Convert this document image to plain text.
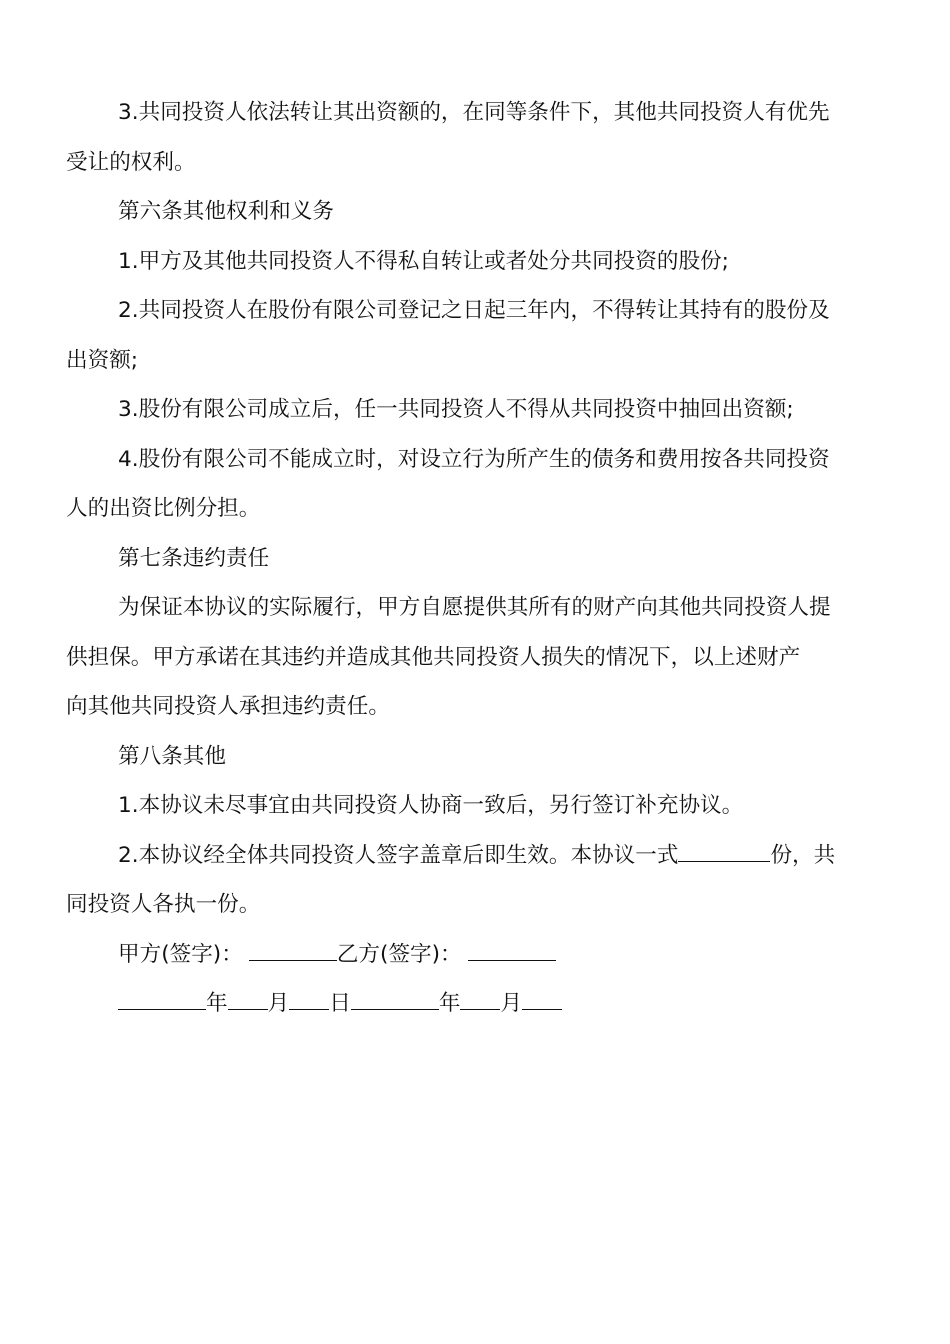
3.共同投资人依法转让其出资额的，在同等条件下，其他共同投资人有优先
受让的权利。

第六条其他权利和义务

1.甲方及其他共同投资人不得私自转让或者处分共同投资的股份;

2.共同投资人在股份有限公司登记之日起三年内，不得转让其持有的股份及
出资额;

3.股份有限公司成立后，任一共同投资人不得从共同投资中抽回出资额;

4.股份有限公司不能成立时，对设立行为所产生的债务和费用按各共同投资
人的出资比例分担。

第七条违约责任

为保证本协议的实际履行，甲方自愿提供其所有的财产向其他共同投资人提
供担保。甲方承诺在其违约并造成其他共同投资人损失的情况下，以上述财产
向其他共同投资人承担违约责任。

第八条其他

1.本协议未尽事宜由共同投资人协商一致后，另行签订补充协议。

2.本协议经全体共同投资人签字盖章后即生效。本协议一式	份，共
同投资人各执一份。

甲方(签字)：	乙方(签字)：

年 月 日	年 月
